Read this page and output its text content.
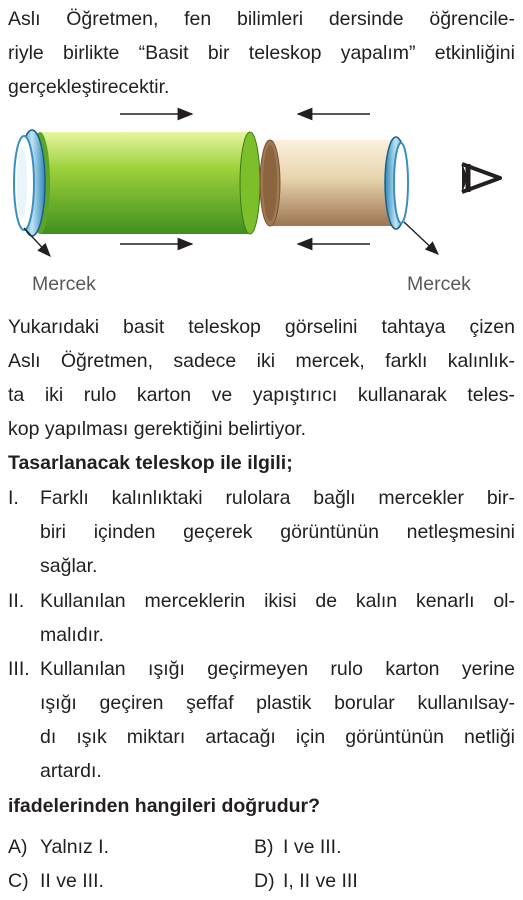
Aslı Öğretmen, fen bilimleri dersinde öğrencile-
riyle birlikte “Basit bir teleskop yapalım” etkinliğini
gerçekleştirecektir.
Mercek	Mercek
Yukarıdaki basit teleskop görselini tahtaya çizen
Aslı Öğretmen, sadece iki mercek, farklı kalınlık-
ta iki rulo karton ve yapıştırıcı kullanarak teles-
kop yapılması gerektiğini belirtiyor.
Tasarlanacak teleskop ile ilgili;
I. Farklı kalınlıktaki rulolara bağlı mercekler bir-
biri içinden geçerek görüntünün netleşmesini
sağlar.
II. Kullanılan merceklerin ikisi de kalın kenarlı ol-
malıdır.
III. Kullanılan ışığı geçirmeyen rulo karton yerine
ışığı geçiren şeffaf plastik borular kullanılsay-
dı ışık miktarı artacağı için görüntünün netliği
artardı.
ifadelerinden hangileri doğrudur?
A) Yalnız I.	B) I ve III.
C) II ve III.	D) I, II ve III
